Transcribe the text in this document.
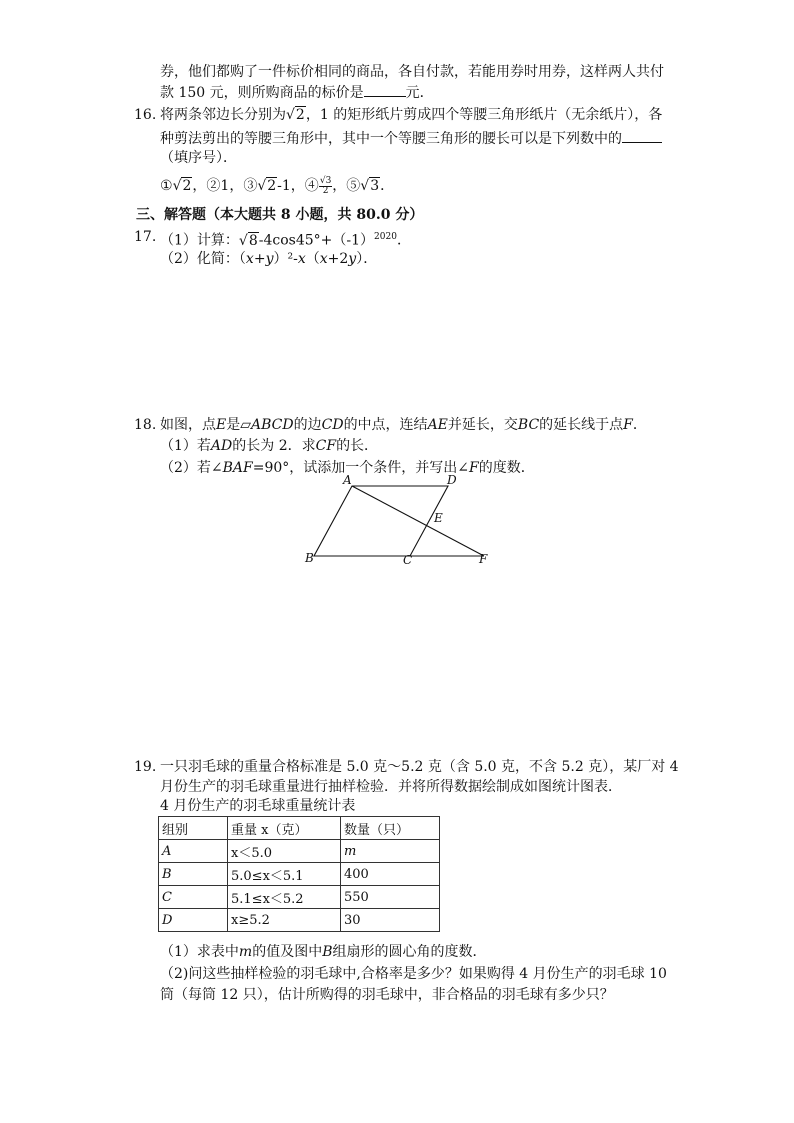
券，他们都购了一件标价相同的商品，各自付款，若能用券时用券，这样两人共付
款 150 元，则所购商品的标价是	元．
16. 将两条邻边长分别为√2，1 的矩形纸片剪成四个等腰三角形纸片（无余纸片），各
种剪法剪出的等腰三角形中，其中一个等腰三角形的腰长可以是下列数中的
（填序号）．
①√2，②1，③√2-1，④ $\frac{√3}{2}$ ，⑤√3．
三、解答题（本大题共 8 小题，共 80.0 分）
17. （1）计算：$√8-4\cos 45^\circ+(-1)^{2020}$．
（2）化简：（x+y）²-x（x+2y）．
18. 如图，点E是▱ABCD的边CD的中点，连结AE并延长，交BC的延长线于点F．
（1）若AD的长为 2．求CF的长．
（2）若∠BAF=90°，试添加一个条件，并写出∠F的度数．
A	D
E
B	C	F
19. 一只羽毛球的重量合格标准是 5.0 克～5.2 克（含 5.0 克，不含 5.2 克），某厂对 4
月份生产的羽毛球重量进行抽样检验．并将所得数据绘制成如图统计图表．
4 月份生产的羽毛球重量统计表
组别	重量 x（克）	数量（只）
A	x＜5.0	m
B	5.0≤x＜5.1	400
C	5.1≤x＜5.2	550
D	x≥5.2	30
（1）求表中m的值及图中B组扇形的圆心角的度数．
（2)问这些抽样检验的羽毛球中,合格率是多少？如果购得 4 月份生产的羽毛球 10
筒（每筒 12 只），估计所购得的羽毛球中，非合格品的羽毛球有多少只？
